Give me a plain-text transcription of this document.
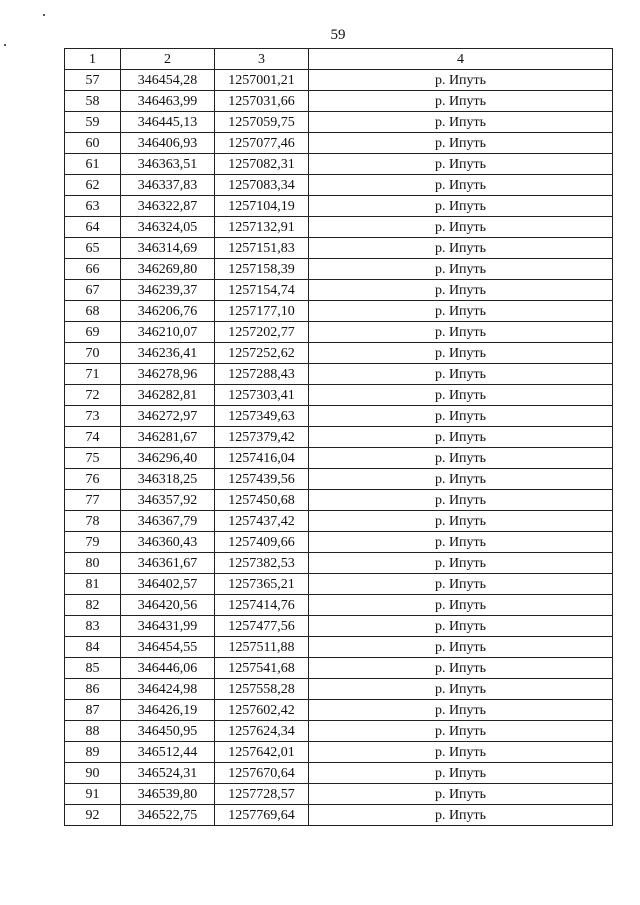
59
1	2	3	4
57	346454,28	1257001,21	р. Ипуть
58	346463,99	1257031,66	р. Ипуть
59	346445,13	1257059,75	р. Ипуть
60	346406,93	1257077,46	р. Ипуть
61	346363,51	1257082,31	р. Ипуть
62	346337,83	1257083,34	р. Ипуть
63	346322,87	1257104,19	р. Ипуть
64	346324,05	1257132,91	р. Ипуть
65	346314,69	1257151,83	р. Ипуть
66	346269,80	1257158,39	р. Ипуть
67	346239,37	1257154,74	р. Ипуть
68	346206,76	1257177,10	р. Ипуть
69	346210,07	1257202,77	р. Ипуть
70	346236,41	1257252,62	р. Ипуть
71	346278,96	1257288,43	р. Ипуть
72	346282,81	1257303,41	р. Ипуть
73	346272,97	1257349,63	р. Ипуть
74	346281,67	1257379,42	р. Ипуть
75	346296,40	1257416,04	р. Ипуть
76	346318,25	1257439,56	р. Ипуть
77	346357,92	1257450,68	р. Ипуть
78	346367,79	1257437,42	р. Ипуть
79	346360,43	1257409,66	р. Ипуть
80	346361,67	1257382,53	р. Ипуть
81	346402,57	1257365,21	р. Ипуть
82	346420,56	1257414,76	р. Ипуть
83	346431,99	1257477,56	р. Ипуть
84	346454,55	1257511,88	р. Ипуть
85	346446,06	1257541,68	р. Ипуть
86	346424,98	1257558,28	р. Ипуть
87	346426,19	1257602,42	р. Ипуть
88	346450,95	1257624,34	р. Ипуть
89	346512,44	1257642,01	р. Ипуть
90	346524,31	1257670,64	р. Ипуть
91	346539,80	1257728,57	р. Ипуть
92	346522,75	1257769,64	р. Ипуть
